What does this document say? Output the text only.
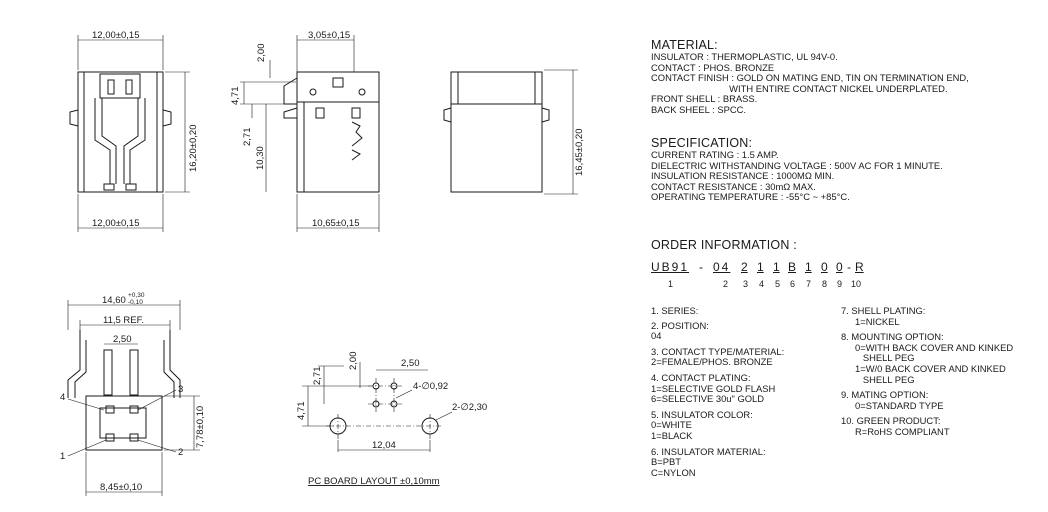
12,00±0,15
16,20±0,20
12,00±0,15
3,05±0,15
2,00
4,71
2,71
10,30
10,65±0,15
16,45±0,20
14,60 +0,30
-0,10
11,5 REF.
2,50
4
3
1	2
7,78±0,10
8,45±0,10
2,00
2,71
4,71
2,50
4-∅0,92
2-∅2,30
12,04
PC BOARD LAYOUT ±0,10mm
MATERIAL:
INSULATOR : THERMOPLASTIC, UL 94V-0.
CONTACT : PHOS. BRONZE
CONTACT FINISH : GOLD ON MATING END, TIN ON TERMINATION END,
WITH ENTIRE CONTACT NICKEL UNDERPLATED.
FRONT SHELL : BRASS.
BACK SHEEL : SPCC.
SPECIFICATION:
CURRENT RATING : 1.5 AMP.
DIELECTRIC WITHSTANDING VOLTAGE : 500V AC FOR 1 MINUTE.
INSULATION RESISTANCE : 1000MΩ MIN.
CONTACT RESISTANCE : 30mΩ MAX.
OPERATING TEMPERATURE : -55°C ~ +85°C.
ORDER INFORMATION :
UB91 - 04 2 1 1 B 1 0 0 - R
1	2 3 4 5 6 7 8 9 10
1. SERIES:
2. POSITION:
04
3. CONTACT TYPE/MATERIAL:
2=FEMALE/PHOS. BRONZE
4. CONTACT PLATING:
1=SELECTIVE GOLD FLASH
6=SELECTIVE 30u" GOLD
5. INSULATOR COLOR:
0=WHITE
1=BLACK
6. INSULATOR MATERIAL:
B=PBT
C=NYLON
7. SHELL PLATING:
1=NICKEL
8. MOUNTING OPTION:
0=WITH BACK COVER AND KINKED
SHELL PEG
1=W/0 BACK COVER AND KINKED
SHELL PEG
9. MATING OPTION:
0=STANDARD TYPE
10. GREEN PRODUCT:
R=RoHS COMPLIANT
